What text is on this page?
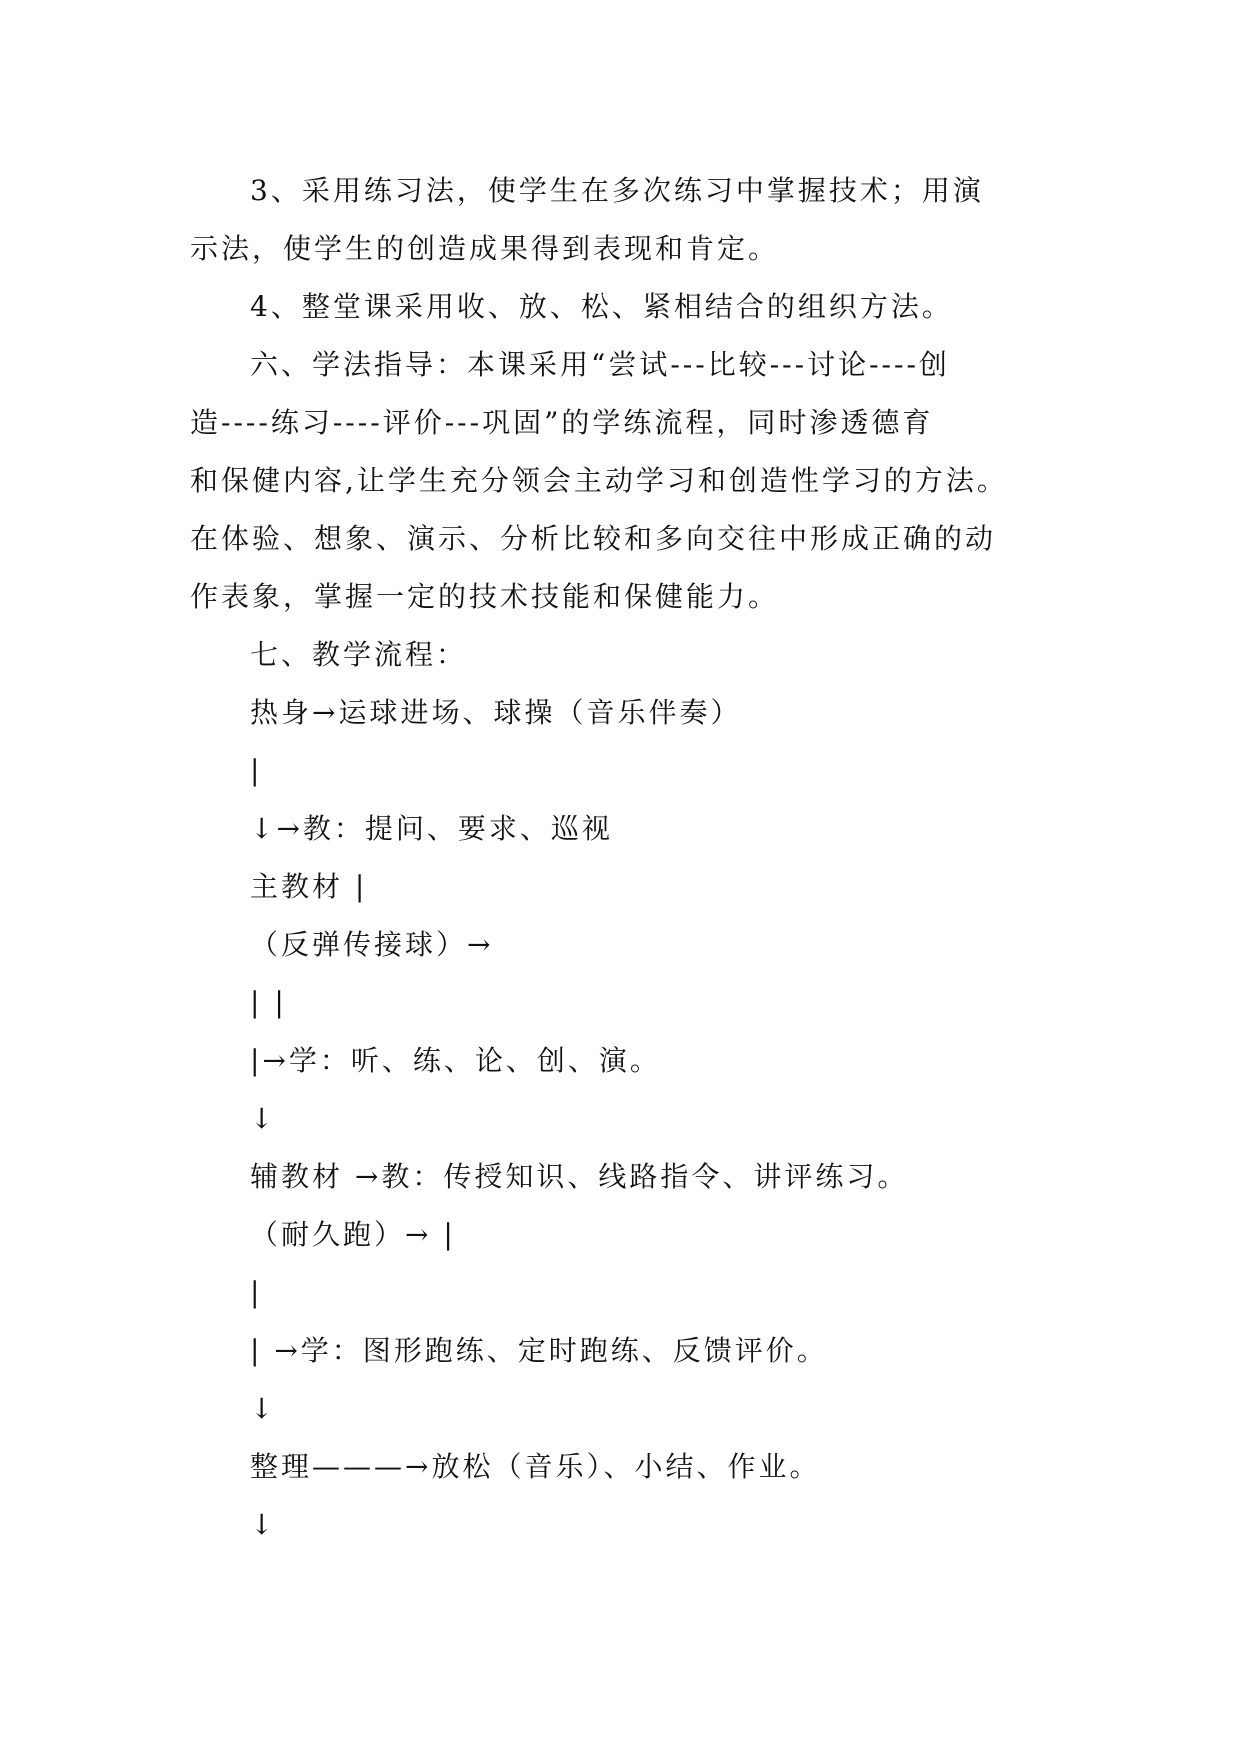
3、采用练习法，使学生在多次练习中掌握技术；用演
示法，使学生的创造成果得到表现和肯定。
4、整堂课采用收、放、松、紧相结合的组织方法。
六、学法指导：本课采用“尝试---比较---讨论----创
造----练习----评价---巩固”的学练流程，同时渗透德育
和保健内容,让学生充分领会主动学习和创造性学习的方法。
在体验、想象、演示、分析比较和多向交往中形成正确的动
作表象，掌握一定的技术技能和保健能力。
七、教学流程：
热身→运球进场、球操（音乐伴奏）
|
↓→教：提问、要求、巡视
主教材 |
（反弹传接球）→
| |
|→学：听、练、论、创、演。
↓
辅教材 →教：传授知识、线路指令、讲评练习。
（耐久跑）→ |
|
| →学：图形跑练、定时跑练、反馈评价。
↓
整理———→放松（音乐）、小结、作业。
↓
